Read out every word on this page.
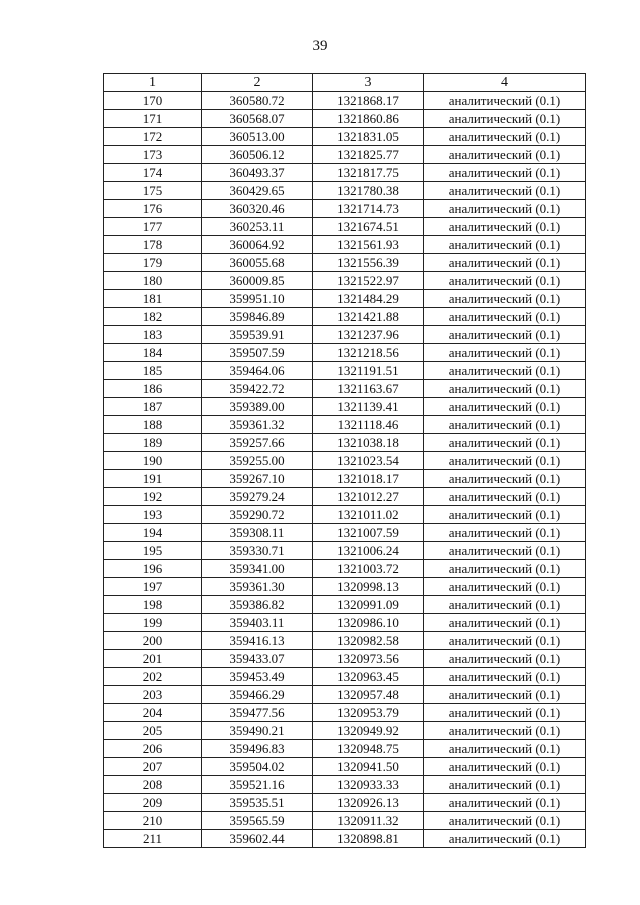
39
1	2	3	4
170	360580.72	1321868.17	аналитический (0.1)
171	360568.07	1321860.86	аналитический (0.1)
172	360513.00	1321831.05	аналитический (0.1)
173	360506.12	1321825.77	аналитический (0.1)
174	360493.37	1321817.75	аналитический (0.1)
175	360429.65	1321780.38	аналитический (0.1)
176	360320.46	1321714.73	аналитический (0.1)
177	360253.11	1321674.51	аналитический (0.1)
178	360064.92	1321561.93	аналитический (0.1)
179	360055.68	1321556.39	аналитический (0.1)
180	360009.85	1321522.97	аналитический (0.1)
181	359951.10	1321484.29	аналитический (0.1)
182	359846.89	1321421.88	аналитический (0.1)
183	359539.91	1321237.96	аналитический (0.1)
184	359507.59	1321218.56	аналитический (0.1)
185	359464.06	1321191.51	аналитический (0.1)
186	359422.72	1321163.67	аналитический (0.1)
187	359389.00	1321139.41	аналитический (0.1)
188	359361.32	1321118.46	аналитический (0.1)
189	359257.66	1321038.18	аналитический (0.1)
190	359255.00	1321023.54	аналитический (0.1)
191	359267.10	1321018.17	аналитический (0.1)
192	359279.24	1321012.27	аналитический (0.1)
193	359290.72	1321011.02	аналитический (0.1)
194	359308.11	1321007.59	аналитический (0.1)
195	359330.71	1321006.24	аналитический (0.1)
196	359341.00	1321003.72	аналитический (0.1)
197	359361.30	1320998.13	аналитический (0.1)
198	359386.82	1320991.09	аналитический (0.1)
199	359403.11	1320986.10	аналитический (0.1)
200	359416.13	1320982.58	аналитический (0.1)
201	359433.07	1320973.56	аналитический (0.1)
202	359453.49	1320963.45	аналитический (0.1)
203	359466.29	1320957.48	аналитический (0.1)
204	359477.56	1320953.79	аналитический (0.1)
205	359490.21	1320949.92	аналитический (0.1)
206	359496.83	1320948.75	аналитический (0.1)
207	359504.02	1320941.50	аналитический (0.1)
208	359521.16	1320933.33	аналитический (0.1)
209	359535.51	1320926.13	аналитический (0.1)
210	359565.59	1320911.32	аналитический (0.1)
211	359602.44	1320898.81	аналитический (0.1)
